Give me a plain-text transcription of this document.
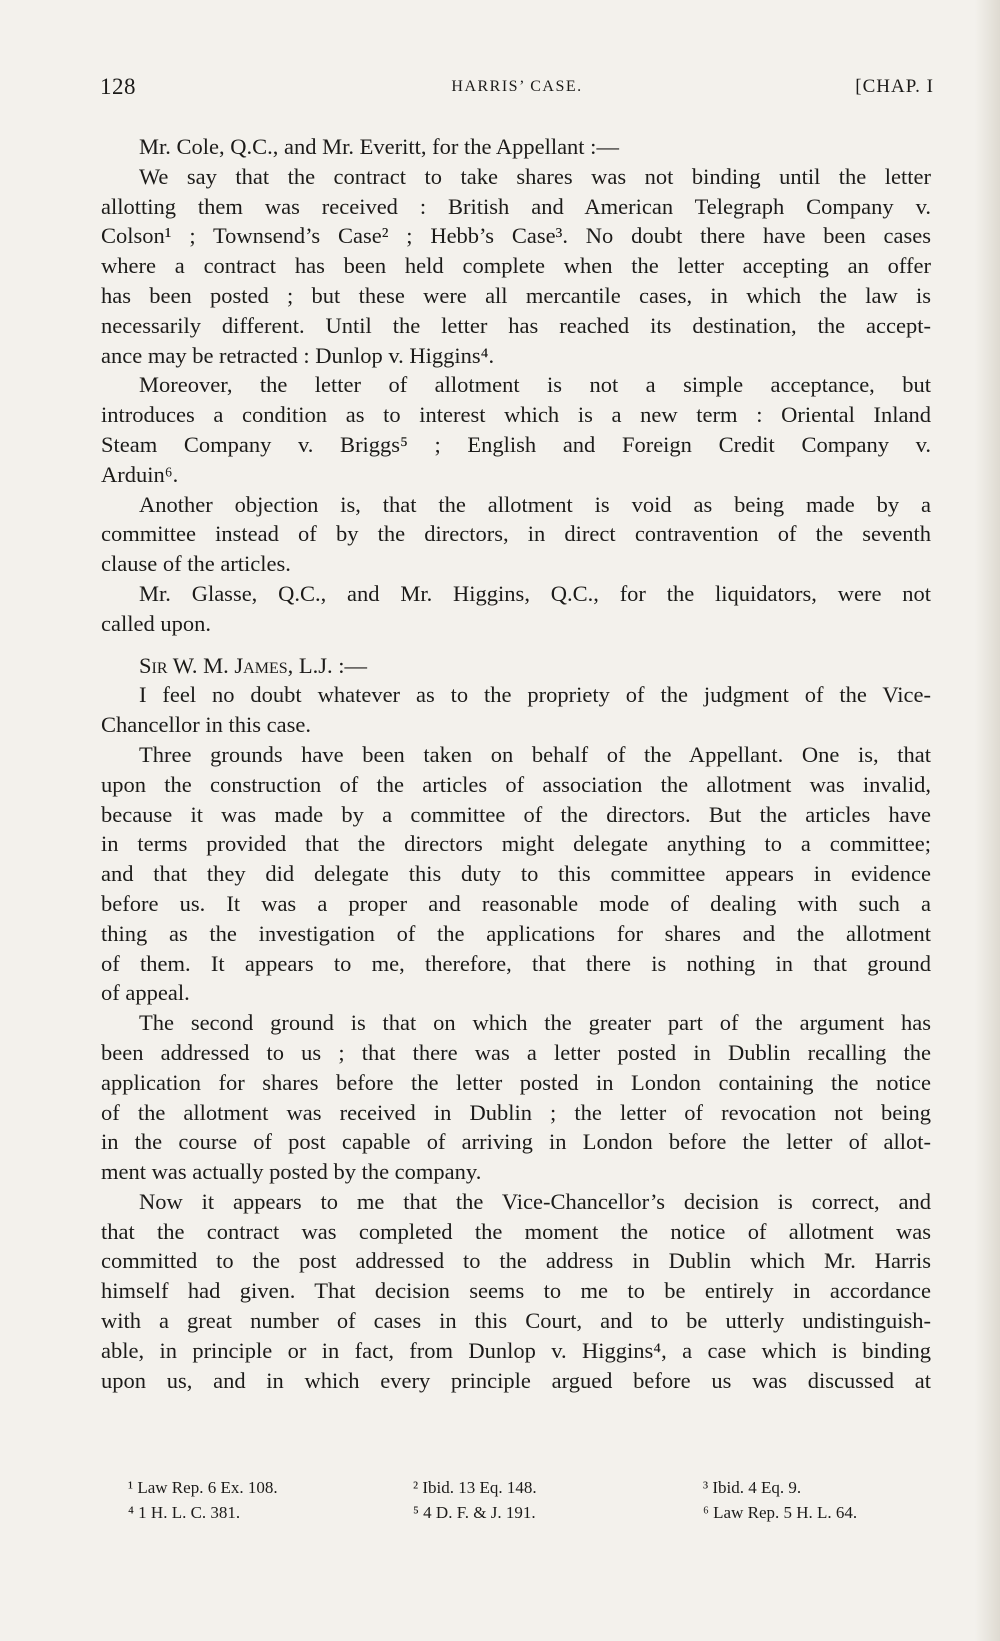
128	HARRIS’ CASE.	[CHAP. I
Mr. Cole, Q.C., and Mr. Everitt, for the Appellant :—
We say that the contract to take shares was not binding until the letter
allotting them was received : British and American Telegraph Company v.
Colson¹ ; Townsend’s Case² ; Hebb’s Case³. No doubt there have been cases
where a contract has been held complete when the letter accepting an offer
has been posted ; but these were all mercantile cases, in which the law is
necessarily different. Until the letter has reached its destination, the accept-
ance may be retracted : Dunlop v. Higgins⁴.
Moreover, the letter of allotment is not a simple acceptance, but
introduces a condition as to interest which is a new term : Oriental Inland
Steam Company v. Briggs⁵ ; English and Foreign Credit Company v.
Arduin⁶.
Another objection is, that the allotment is void as being made by a
committee instead of by the directors, in direct contravention of the seventh
clause of the articles.
Mr. Glasse, Q.C., and Mr. Higgins, Q.C., for the liquidators, were not
called upon.
Sir W. M. James, L.J. :—
I feel no doubt whatever as to the propriety of the judgment of the Vice-
Chancellor in this case.
Three grounds have been taken on behalf of the Appellant. One is, that
upon the construction of the articles of association the allotment was invalid,
because it was made by a committee of the directors. But the articles have
in terms provided that the directors might delegate anything to a committee;
and that they did delegate this duty to this committee appears in evidence
before us. It was a proper and reasonable mode of dealing with such a
thing as the investigation of the applications for shares and the allotment
of them. It appears to me, therefore, that there is nothing in that ground
of appeal.
The second ground is that on which the greater part of the argument has
been addressed to us ; that there was a letter posted in Dublin recalling the
application for shares before the letter posted in London containing the notice
of the allotment was received in Dublin ; the letter of revocation not being
in the course of post capable of arriving in London before the letter of allot-
ment was actually posted by the company.
Now it appears to me that the Vice-Chancellor’s decision is correct, and
that the contract was completed the moment the notice of allotment was
committed to the post addressed to the address in Dublin which Mr. Harris
himself had given. That decision seems to me to be entirely in accordance
with a great number of cases in this Court, and to be utterly undistinguish-
able, in principle or in fact, from Dunlop v. Higgins⁴, a case which is binding
upon us, and in which every principle argued before us was discussed at
¹ Law Rep. 6 Ex. 108.	² Ibid. 13 Eq. 148.	³ Ibid. 4 Eq. 9.
⁴ 1 H. L. C. 381.	⁵ 4 D. F. & J. 191.	⁶ Law Rep. 5 H. L. 64.
